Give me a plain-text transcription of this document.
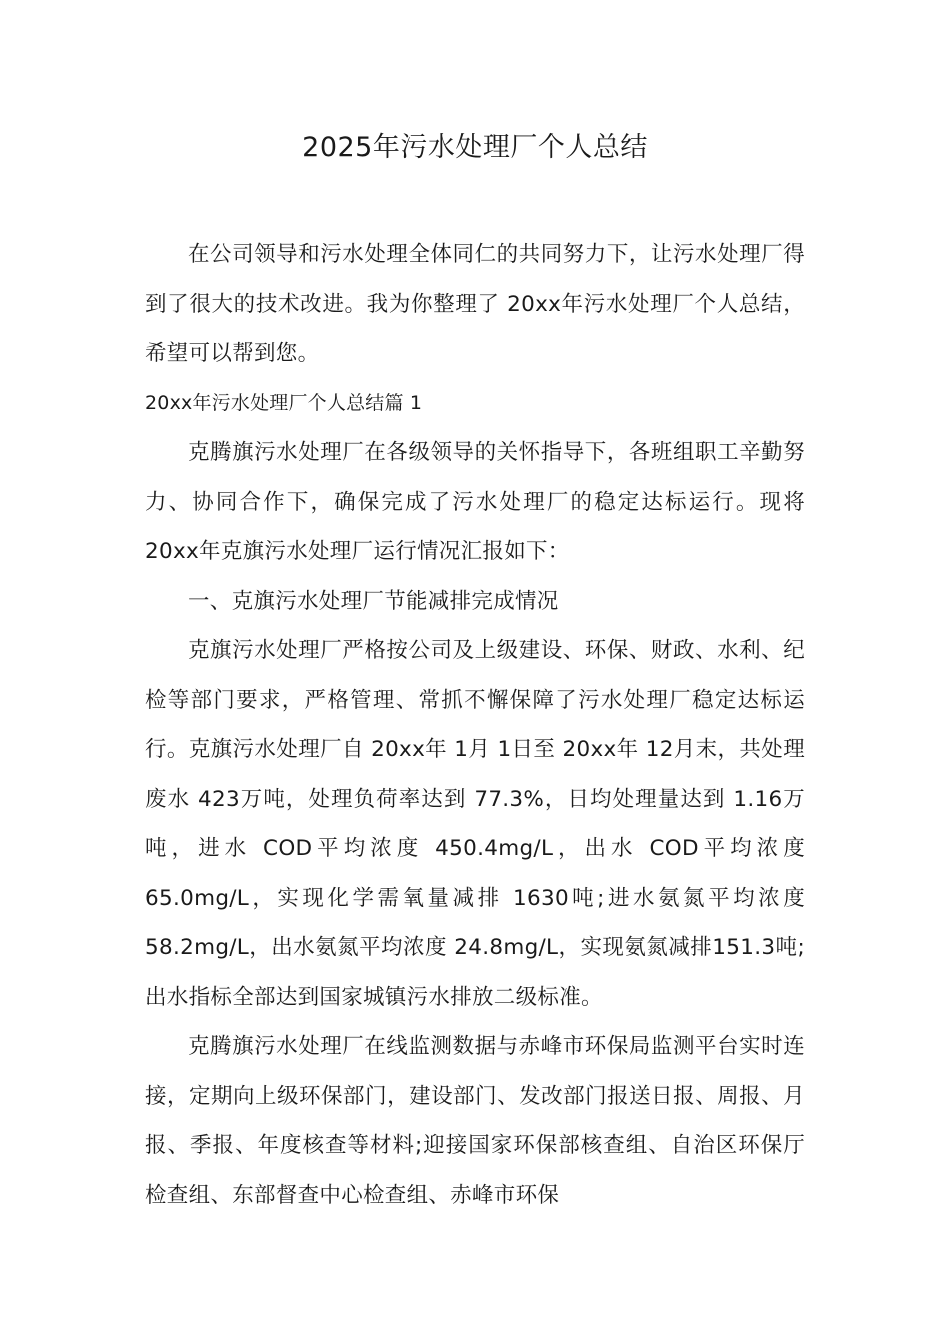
2025年污水处理厂个人总结

在公司领导和污水处理全体同仁的共同努力下，让污水处理厂得到了很大的技术改进。我为你整理了 20xx年污水处理厂个人总结，希望可以帮到您。

20xx年污水处理厂个人总结篇 1

克腾旗污水处理厂在各级领导的关怀指导下，各班组职工辛勤努力、协同合作下，确保完成了污水处理厂的稳定达标运行。现将 20xx年克旗污水处理厂运行情况汇报如下：

一、克旗污水处理厂节能减排完成情况

克旗污水处理厂严格按公司及上级建设、环保、财政、水利、纪检等部门要求，严格管理、常抓不懈保障了污水处理厂稳定达标运行。克旗污水处理厂自 20xx年 1月 1日至 20xx年 12月末，共处理废水 423万吨，处理负荷率达到 77.3%，日均处理量达到 1.16万吨，进水 COD平均浓度 450.4mg/L，出水 COD平均浓度 65.0mg/L，实现化学需氧量减排 1630吨;进水氨氮平均浓度 58.2mg/L，出水氨氮平均浓度 24.8mg/L，实现氨氮减排151.3吨;出水指标全部达到国家城镇污水排放二级标准。

克腾旗污水处理厂在线监测数据与赤峰市环保局监测平台实时连接，定期向上级环保部门，建设部门、发改部门报送日报、周报、月报、季报、年度核查等材料;迎接国家环保部核查组、自治区环保厅检查组、东部督查中心检查组、赤峰市环保
